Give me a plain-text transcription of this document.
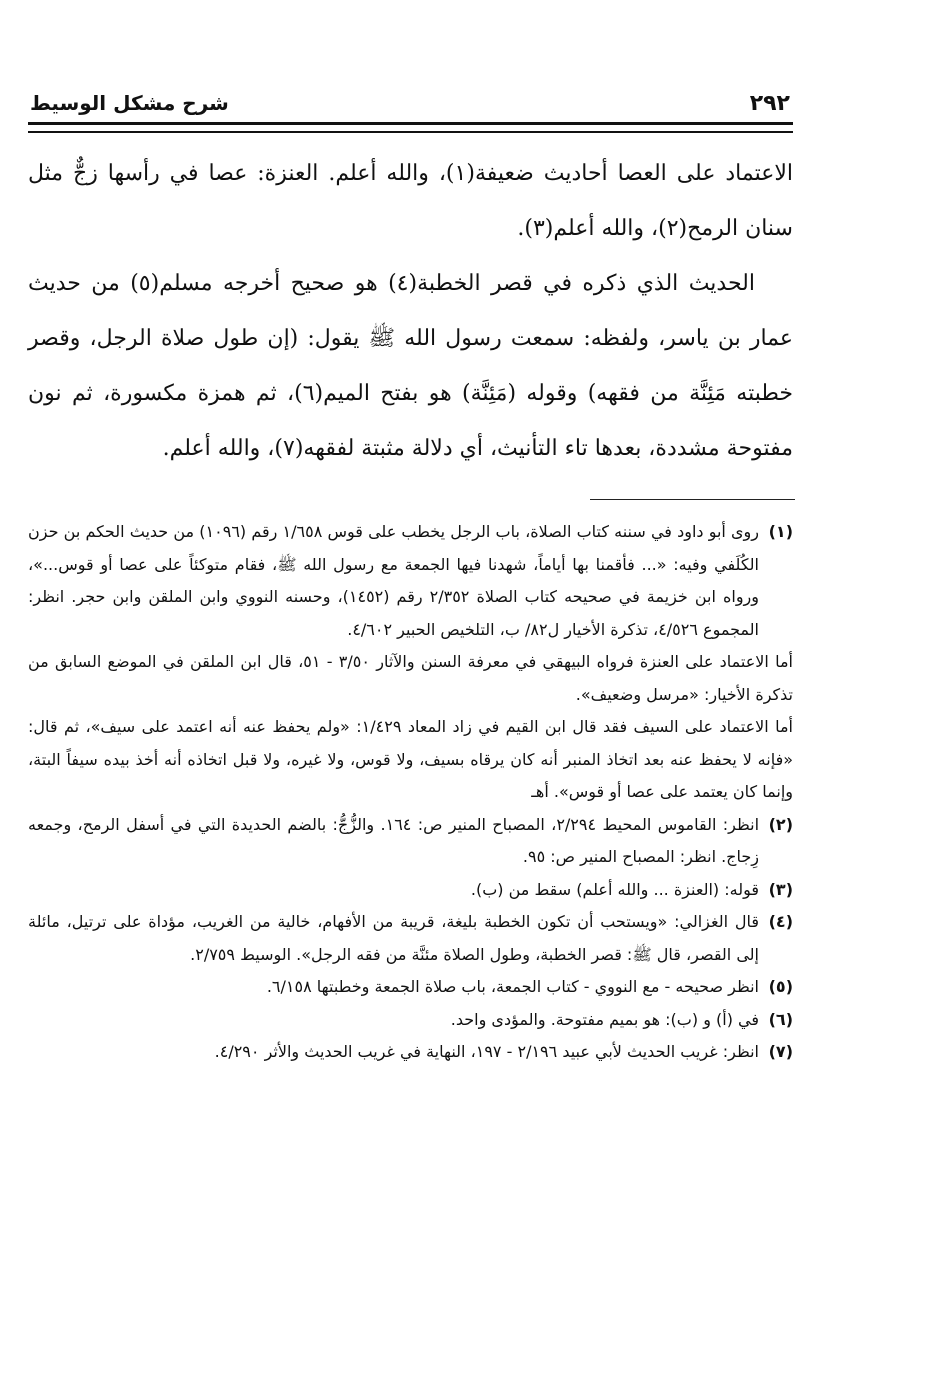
٢٩٢
شرح مشكل الوسيط

الاعتماد على العصا أحاديث ضعيفة(١)، والله أعلم. العنزة: عصا في رأسها زجٌّ مثل سنان الرمح(٢)، والله أعلم(٣).

الحديث الذي ذكره في قصر الخطبة(٤) هو صحيح أخرجه مسلم(٥) من حديث عمار بن ياسر، ولفظه: سمعت رسول الله ﷺ يقول: (إن طول صلاة الرجل، وقصر خطبته مَئِنَّة من فقهه) وقوله (مَئِنَّة) هو بفتح الميم(٦)، ثم همزة مكسورة، ثم نون مفتوحة مشددة، بعدها تاء التأنيث، أي دلالة مثبتة لفقهه(٧)، والله أعلم.

(١)

روى أبو داود في سننه كتاب الصلاة، باب الرجل يخطب على قوس ١/٦٥٨ رقم (١٠٩٦) من حديث الحكم بن حزن الكُلَفي وفيه: «... فأقمنا بها أياماً، شهدنا فيها الجمعة مع رسول الله ﷺ، فقام متوكئاً على عصا أو قوس...»، ورواه ابن خزيمة في صحيحه كتاب الصلاة ٢/٣٥٢ رقم (١٤٥٢)، وحسنه النووي وابن الملقن وابن حجر. انظر: المجموع ٤/٥٢٦، تذكرة الأخيار ل٨٢/ ب، التلخيص الحبير ٤/٦٠٢.

أما الاعتماد على العنزة فرواه البيهقي في معرفة السنن والآثار ٣/٥٠ - ٥١، قال ابن الملقن في الموضع السابق من تذكرة الأخيار: «مرسل وضعيف».

أما الاعتماد على السيف فقد قال ابن القيم في زاد المعاد ١/٤٢٩: «ولم يحفظ عنه أنه اعتمد على سيف»، ثم قال: «فإنه لا يحفظ عنه بعد اتخاذ المنبر أنه كان يرقاه بسيف، ولا قوس، ولا غيره، ولا قبل اتخاذه أنه أخذ بيده سيفاً البتة، وإنما كان يعتمد على عصا أو قوس». أهـ

(٢)

انظر: القاموس المحيط ٢/٢٩٤، المصباح المنير ص: ١٦٤. والزُّجُّ: بالضم الحديدة التي في أسفل الرمح، وجمعه زِجاج. انظر: المصباح المنير ص: ٩٥.

(٣)

قوله: (العنزة ... والله أعلم) سقط من (ب).

(٤)

قال الغزالي: «ويستحب أن تكون الخطبة بليغة، قريبة من الأفهام، خالية من الغريب، مؤداة على ترتيل، مائلة إلى القصر، قال ﷺ: قصر الخطبة، وطول الصلاة مئنَّة من فقه الرجل». الوسيط ٢/٧٥٩.

(٥)

انظر صحيحه - مع النووي - كتاب الجمعة، باب صلاة الجمعة وخطبتها ٦/١٥٨.

(٦)

في (أ) و (ب): هو بميم مفتوحة. والمؤدى واحد.

(٧)

انظر: غريب الحديث لأبي عبيد ٢/١٩٦ - ١٩٧، النهاية في غريب الحديث والأثر ٤/٢٩٠.
